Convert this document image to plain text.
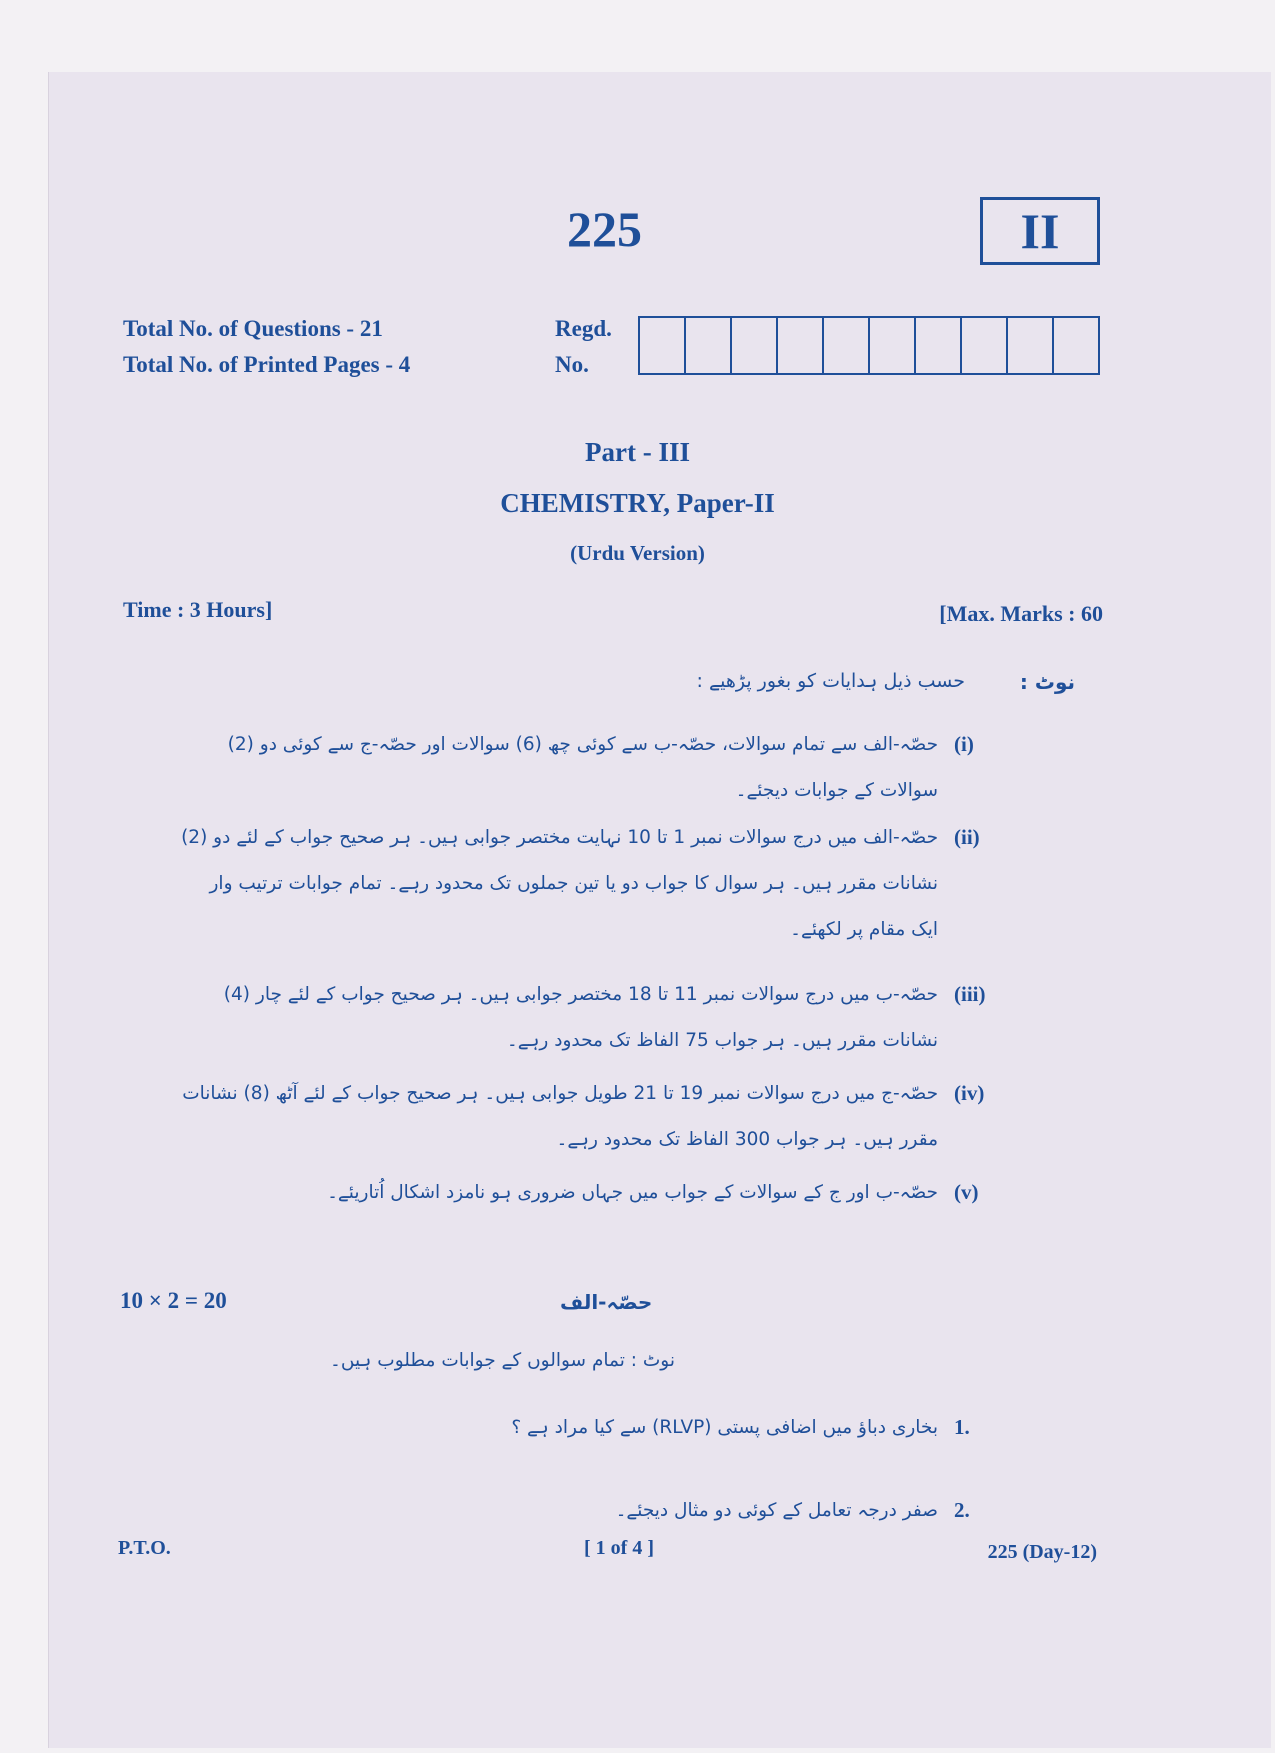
225	II
Total No. of Questions - 21
Total No. of Printed Pages - 4
Regd.
No.
Part - III
CHEMISTRY, Paper-II
(Urdu Version)
Time : 3 Hours]	[Max. Marks : 60
نوٹ :
حسب ذیل ہدایات کو بغور پڑھیے :
(i)
حصّہ-الف سے تمام سوالات، حصّہ-ب سے کوئی چھ (6) سوالات اور حصّہ-ج سے کوئی دو (2) سوالات کے جوابات دیجئے۔
(ii)
حصّہ-الف میں درج سوالات نمبر 1 تا 10 نہایت مختصر جوابی ہیں۔ ہر صحیح جواب کے لئے دو (2) نشانات مقرر ہیں۔ ہر سوال کا جواب دو یا تین جملوں تک محدود رہے۔ تمام جوابات ترتیب وار ایک مقام پر لکھئے۔
(iii)
حصّہ-ب میں درج سوالات نمبر 11 تا 18 مختصر جوابی ہیں۔ ہر صحیح جواب کے لئے چار (4) نشانات مقرر ہیں۔ ہر جواب 75 الفاظ تک محدود رہے۔
(iv)
حصّہ-ج میں درج سوالات نمبر 19 تا 21 طویل جوابی ہیں۔ ہر صحیح جواب کے لئے آٹھ (8) نشانات مقرر ہیں۔ ہر جواب 300 الفاظ تک محدود رہے۔
(v)
حصّہ-ب اور ج کے سوالات کے جواب میں جہاں ضروری ہو نامزد اشکال اُتاریئے۔
10 × 2 = 20	حصّہ-الف
نوٹ : تمام سوالوں کے جوابات مطلوب ہیں۔
1.
بخاری دباؤ میں اضافی پستی (RLVP) سے کیا مراد ہے ؟
2.
صفر درجہ تعامل کے کوئی دو مثال دیجئے۔
P.T.O.	[ 1 of 4 ]	225 (Day-12)
